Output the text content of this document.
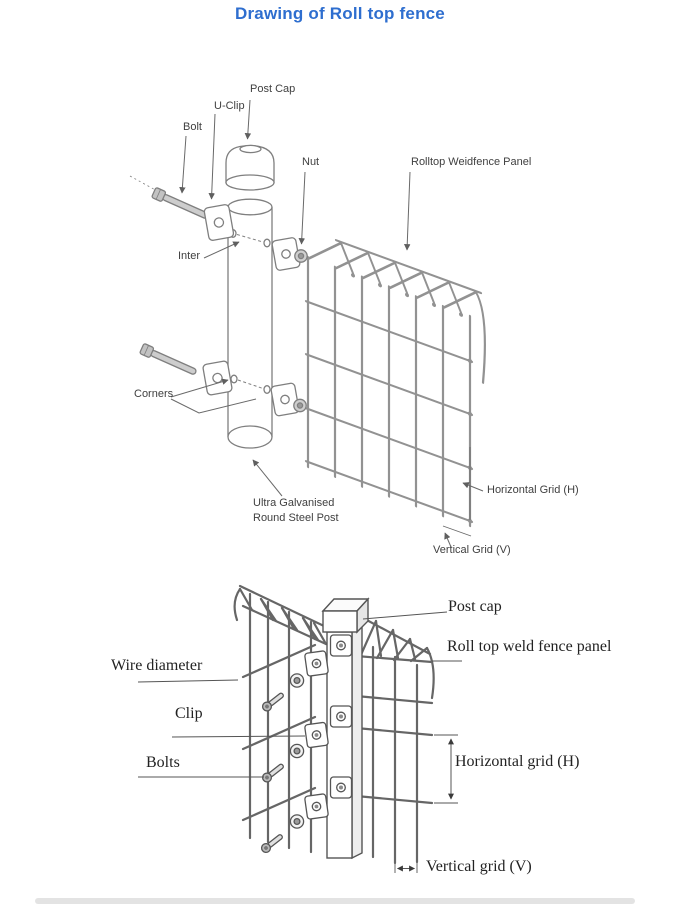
Drawing of Roll top fence
Post Cap
U-Clip
Bolt
Nut	Rolltop Weidfence Panel
Inter
Corners
Ultra Galvanised
Round Steel Post
Horizontal Grid (H)
Vertical Grid (V)
Post cap
Roll top weld fence panel
Wire diameter
Clip
Bolts	Horizontal grid (H)
Vertical grid (V)
